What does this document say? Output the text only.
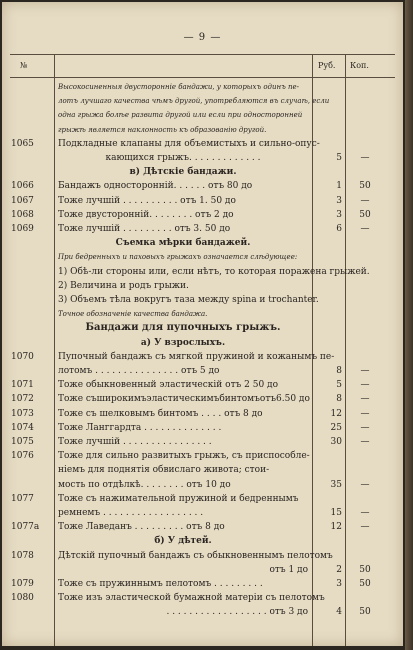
— 9 —
№	Руб. Коп.
Высокосиненныя двусторонніе бандажи, у которыхъ одинъ пе-
лотъ лучшаго качества чѣмъ другой, употребляются въ случаѣ, если
одна грыжа болѣе развита другой или если при односторонней
грыжѣ является наклонность къ образованію другой.
1065	Подкладные клапаны для объемистыхъ и сильно-опус-
кающихся грыжъ. . . . . . . . . . . . .	5	—
в) Дѣтскіе бандажи.
1066	Бандажъ односторонній. . . . . . отъ 80 до	1	50
1067	Тоже лучшій . . . . . . . . . . отъ 1. 50 до	3	—
1068	Тоже двусторонній. . . . . . . . отъ 2 до	3	50
1069	Тоже лучшій . . . . . . . . . отъ 3. 50 до	6	—
Съемка мѣрки бандажей.
При бедренныхъ и паховыхъ грыжахъ означается слѣдующее:
1) Обѣ-ли стороны или, если нѣтъ, то которая поражена грыжей.
2) Величина и родъ грыжи.
3) Объемъ тѣла вокругъ таза между spina и trochanter.
Точное обозначеніе качества бандажа.
Бандажи для пупочныхъ грыжъ.
а) У взрослыхъ.
1070	Пупочный бандажъ съ мягкой пружиной и кожанымъ пе-
лотомъ . . . . . . . . . . . . . . . отъ 5 до	8	—
1071	Тоже обыкновенный эластическій отъ 2 50 до	5	—
1072	Тоже съширокимъэластическимъбинтомъотъ6.50 до	8	—
1073	Тоже съ шелковымъ бинтомъ . . . . отъ 8 до	12	—
1074	Тоже Ланггардта . . . . . . . . . . . . . .	25	—
1075	Тоже лучшій . . . . . . . . . . . . . . . .	30	—
1076	Тоже для сильно развитыхъ грыжъ, съ приспособле-
ніемъ для поднятія обвислаго живота; стои-
мость по отдѣлкѣ. . . . . . . . отъ 10 до	35	—
1077	Тоже съ нажимательной пружиной и бедреннымъ
ремнемъ . . . . . . . . . . . . . . . . . .	15	—
1077а	Тоже Лаведанъ . . . . . . . . . отъ 8 до	12	—
б) У дѣтей.
1078	Дѣтскій пупочный бандажъ съ обыкновеннымъ пелотомъ
отъ 1 до	2	50
1079	Тоже съ пружиннымъ пелотомъ . . . . . . . . .	3	50
1080	Тоже изъ эластической бумажной матеріи съ пелотомъ
. . . . . . . . . . . . . . . . . . отъ 3 до	4	50
